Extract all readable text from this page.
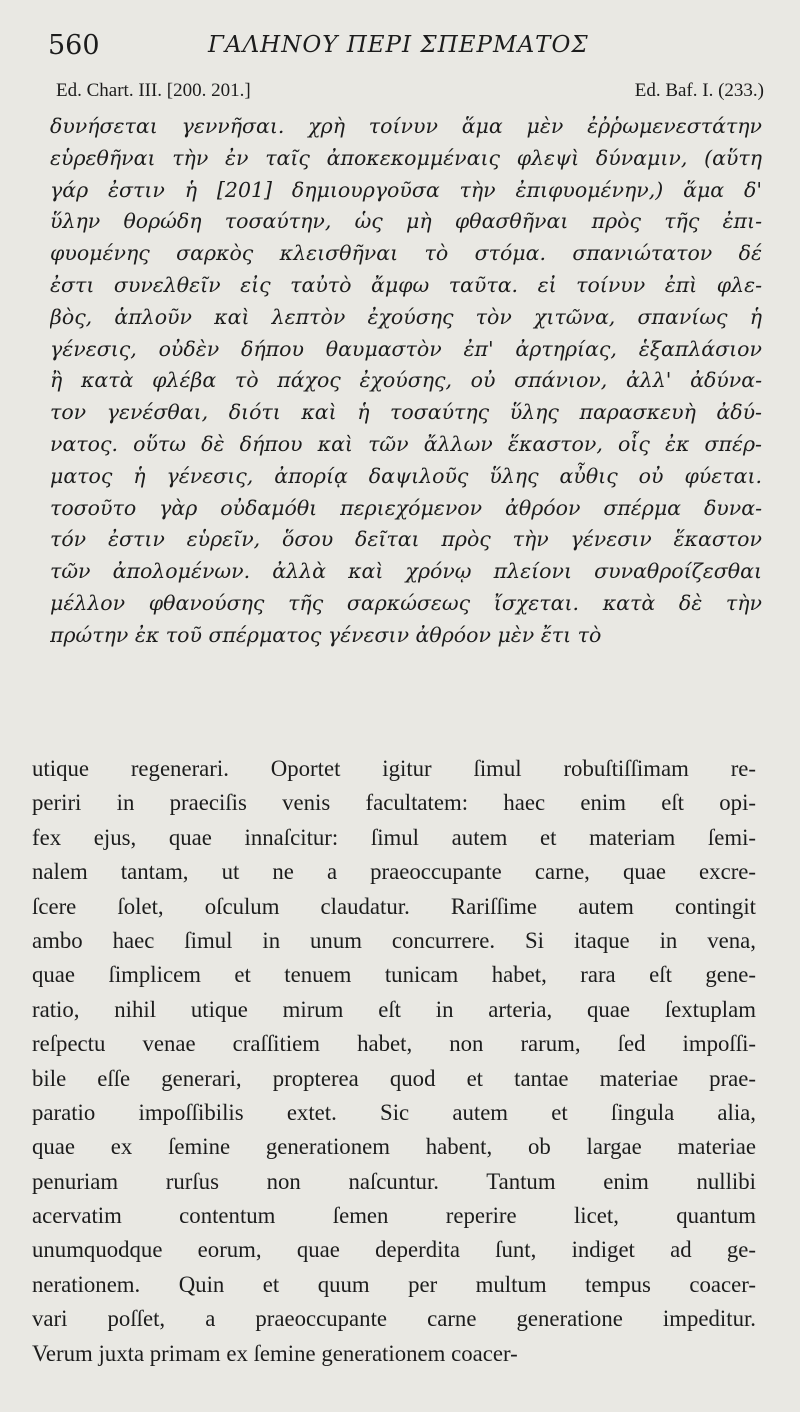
560	ΓΑΛΗΝΟΥ ΠΕΡΙ ΣΠΕΡΜΑΤΟΣ
Ed. Chart. III. [200. 201.]	Ed. Baf. I. (233.)
δυνήσεται γεννῆσαι. χρὴ τοίνυν ἅμα μὲν ἐῤῥωμενεστάτην
εὑρεθῆναι τὴν ἐν ταῖς ἀποκεκομμέναις φλεψὶ δύναμιν, (αὕτη
γάρ ἐστιν ἡ [201] δημιουργοῦσα τὴν ἐπιφυομένην,) ἅμα δ'
ὕλην θορώδη τοσαύτην, ὡς μὴ φθασθῆναι πρὸς τῆς ἐπι-
φυομένης σαρκὸς κλεισθῆναι τὸ στόμα. σπανιώτατον δέ
ἐστι συνελθεῖν εἰς ταὐτὸ ἄμφω ταῦτα. εἰ τοίνυν ἐπὶ φλε-
βὸς, ἁπλοῦν καὶ λεπτὸν ἐχούσης τὸν χιτῶνα, σπανίως ἡ
γένεσις, οὐδὲν δήπου θαυμαστὸν ἐπ' ἀρτηρίας, ἑξαπλάσιον
ἢ κατὰ φλέβα τὸ πάχος ἐχούσης, οὐ σπάνιον, ἀλλ' ἀδύνα-
τον γενέσθαι, διότι καὶ ἡ τοσαύτης ὕλης παρασκευὴ ἀδύ-
νατος. οὕτω δὲ δήπου καὶ τῶν ἄλλων ἕκαστον, οἷς ἐκ σπέρ-
ματος ἡ γένεσις, ἀπορίᾳ δαψιλοῦς ὕλης αὖθις οὐ φύεται.
τοσοῦτο γὰρ οὐδαμόθι περιεχόμενον ἀθρόον σπέρμα δυνα-
τόν ἐστιν εὑρεῖν, ὅσου δεῖται πρὸς τὴν γένεσιν ἕκαστον
τῶν ἀπολομένων. ἀλλὰ καὶ χρόνῳ πλείονι συναθροίζεσθαι
μέλλον φθανούσης τῆς σαρκώσεως ἴσχεται. κατὰ δὲ τὴν
πρώτην ἐκ τοῦ σπέρματος γένεσιν ἀθρόον μὲν ἔτι τὸ
utique regenerari. Oportet igitur ſimul robuſtiſſimam re-
periri in praeciſis venis facultatem: haec enim eſt opi-
fex ejus, quae innaſcitur: ſimul autem et materiam ſemi-
nalem tantam, ut ne a praeoccupante carne, quae excre-
ſcere ſolet, oſculum claudatur. Rariſſime autem contingit
ambo haec ſimul in unum concurrere. Si itaque in vena,
quae ſimplicem et tenuem tunicam habet, rara eſt gene-
ratio, nihil utique mirum eſt in arteria, quae ſextuplam
reſpectu venae craſſitiem habet, non rarum, ſed impoſſi-
bile eſſe generari, propterea quod et tantae materiae prae-
paratio impoſſibilis extet. Sic autem et ſingula alia,
quae ex ſemine generationem habent, ob largae materiae
penuriam rurſus non naſcuntur. Tantum enim nullibi
acervatim contentum ſemen reperire licet, quantum
unumquodque eorum, quae deperdita ſunt, indiget ad ge-
nerationem. Quin et quum per multum tempus coacer-
vari poſſet, a praeoccupante carne generatione impeditur.
Verum juxta primam ex ſemine generationem coacer-
